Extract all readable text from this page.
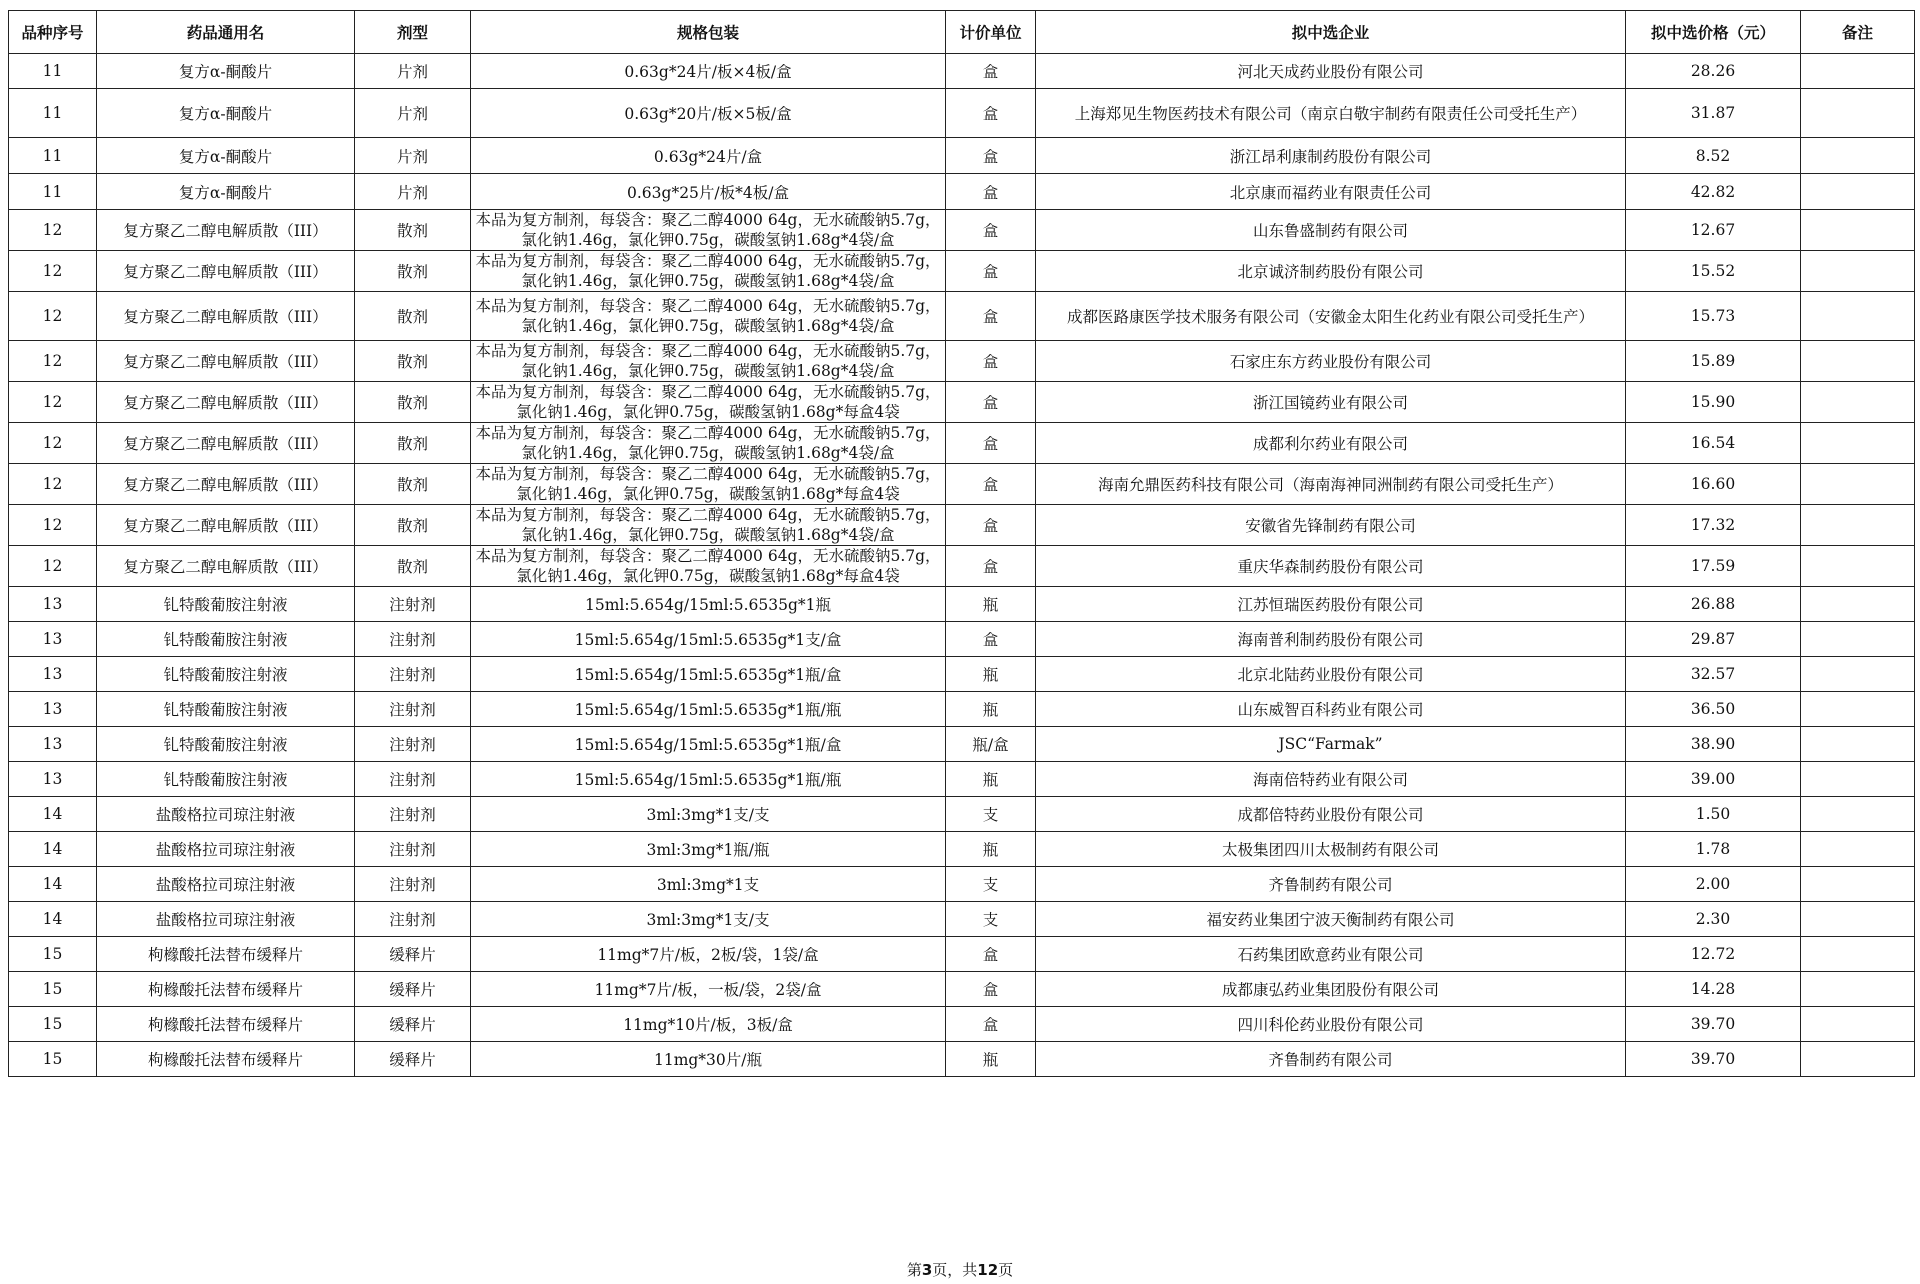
品种序号	药品通用名	剂型	规格包装	计价单位	拟中选企业	拟中选价格（元）	备注
11	复方α-酮酸片	片剂	0.63g*24片/板×4板/盒	盒	河北天成药业股份有限公司	28.26	
11	复方α-酮酸片	片剂	0.63g*20片/板×5板/盒	盒	上海郑见生物医药技术有限公司（南京白敬宇制药有限责任公司受托生产）	31.87	
11	复方α-酮酸片	片剂	0.63g*24片/盒	盒	浙江昂利康制药股份有限公司	8.52	
11	复方α-酮酸片	片剂	0.63g*25片/板*4板/盒	盒	北京康而福药业有限责任公司	42.82	
12	复方聚乙二醇电解质散（III）	散剂	本品为复方制剂，每袋含：聚乙二醇4000 64g，无水硫酸钠5.7g，氯化钠1.46g，氯化钾0.75g，碳酸氢钠1.68g*4袋/盒	盒	山东鲁盛制药有限公司	12.67	
12	复方聚乙二醇电解质散（III）	散剂	本品为复方制剂，每袋含：聚乙二醇4000 64g，无水硫酸钠5.7g，氯化钠1.46g，氯化钾0.75g，碳酸氢钠1.68g*4袋/盒	盒	北京诚济制药股份有限公司	15.52	
12	复方聚乙二醇电解质散（III）	散剂	本品为复方制剂，每袋含：聚乙二醇4000 64g，无水硫酸钠5.7g，氯化钠1.46g，氯化钾0.75g，碳酸氢钠1.68g*4袋/盒	盒	成都医路康医学技术服务有限公司（安徽金太阳生化药业有限公司受托生产）	15.73	
12	复方聚乙二醇电解质散（III）	散剂	本品为复方制剂，每袋含：聚乙二醇4000 64g，无水硫酸钠5.7g，氯化钠1.46g，氯化钾0.75g，碳酸氢钠1.68g*4袋/盒	盒	石家庄东方药业股份有限公司	15.89	
12	复方聚乙二醇电解质散（III）	散剂	本品为复方制剂，每袋含：聚乙二醇4000 64g，无水硫酸钠5.7g，氯化钠1.46g，氯化钾0.75g，碳酸氢钠1.68g*每盒4袋	盒	浙江国镜药业有限公司	15.90	
12	复方聚乙二醇电解质散（III）	散剂	本品为复方制剂，每袋含：聚乙二醇4000 64g，无水硫酸钠5.7g，氯化钠1.46g，氯化钾0.75g，碳酸氢钠1.68g*4袋/盒	盒	成都利尔药业有限公司	16.54	
12	复方聚乙二醇电解质散（III）	散剂	本品为复方制剂，每袋含：聚乙二醇4000 64g，无水硫酸钠5.7g，氯化钠1.46g，氯化钾0.75g，碳酸氢钠1.68g*每盒4袋	盒	海南允鼎医药科技有限公司（海南海神同洲制药有限公司受托生产）	16.60	
12	复方聚乙二醇电解质散（III）	散剂	本品为复方制剂，每袋含：聚乙二醇4000 64g，无水硫酸钠5.7g，氯化钠1.46g，氯化钾0.75g，碳酸氢钠1.68g*4袋/盒	盒	安徽省先锋制药有限公司	17.32	
12	复方聚乙二醇电解质散（III）	散剂	本品为复方制剂，每袋含：聚乙二醇4000 64g，无水硫酸钠5.7g，氯化钠1.46g，氯化钾0.75g，碳酸氢钠1.68g*每盒4袋	盒	重庆华森制药股份有限公司	17.59	
13	钆特酸葡胺注射液	注射剂	15ml:5.654g/15ml:5.6535g*1瓶	瓶	江苏恒瑞医药股份有限公司	26.88	
13	钆特酸葡胺注射液	注射剂	15ml:5.654g/15ml:5.6535g*1支/盒	盒	海南普利制药股份有限公司	29.87	
13	钆特酸葡胺注射液	注射剂	15ml:5.654g/15ml:5.6535g*1瓶/盒	瓶	北京北陆药业股份有限公司	32.57	
13	钆特酸葡胺注射液	注射剂	15ml:5.654g/15ml:5.6535g*1瓶/瓶	瓶	山东威智百科药业有限公司	36.50	
13	钆特酸葡胺注射液	注射剂	15ml:5.654g/15ml:5.6535g*1瓶/盒	瓶/盒	JSC“Farmak”	38.90	
13	钆特酸葡胺注射液	注射剂	15ml:5.654g/15ml:5.6535g*1瓶/瓶	瓶	海南倍特药业有限公司	39.00	
14	盐酸格拉司琼注射液	注射剂	3ml:3mg*1支/支	支	成都倍特药业股份有限公司	1.50	
14	盐酸格拉司琼注射液	注射剂	3ml:3mg*1瓶/瓶	瓶	太极集团四川太极制药有限公司	1.78	
14	盐酸格拉司琼注射液	注射剂	3ml:3mg*1支	支	齐鲁制药有限公司	2.00	
14	盐酸格拉司琼注射液	注射剂	3ml:3mg*1支/支	支	福安药业集团宁波天衡制药有限公司	2.30	
15	枸橼酸托法替布缓释片	缓释片	11mg*7片/板，2板/袋，1袋/盒	盒	石药集团欧意药业有限公司	12.72	
15	枸橼酸托法替布缓释片	缓释片	11mg*7片/板，一板/袋，2袋/盒	盒	成都康弘药业集团股份有限公司	14.28	
15	枸橼酸托法替布缓释片	缓释片	11mg*10片/板，3板/盒	盒	四川科伦药业股份有限公司	39.70	
15	枸橼酸托法替布缓释片	缓释片	11mg*30片/瓶	瓶	齐鲁制药有限公司	39.70	
第3页，共12页
